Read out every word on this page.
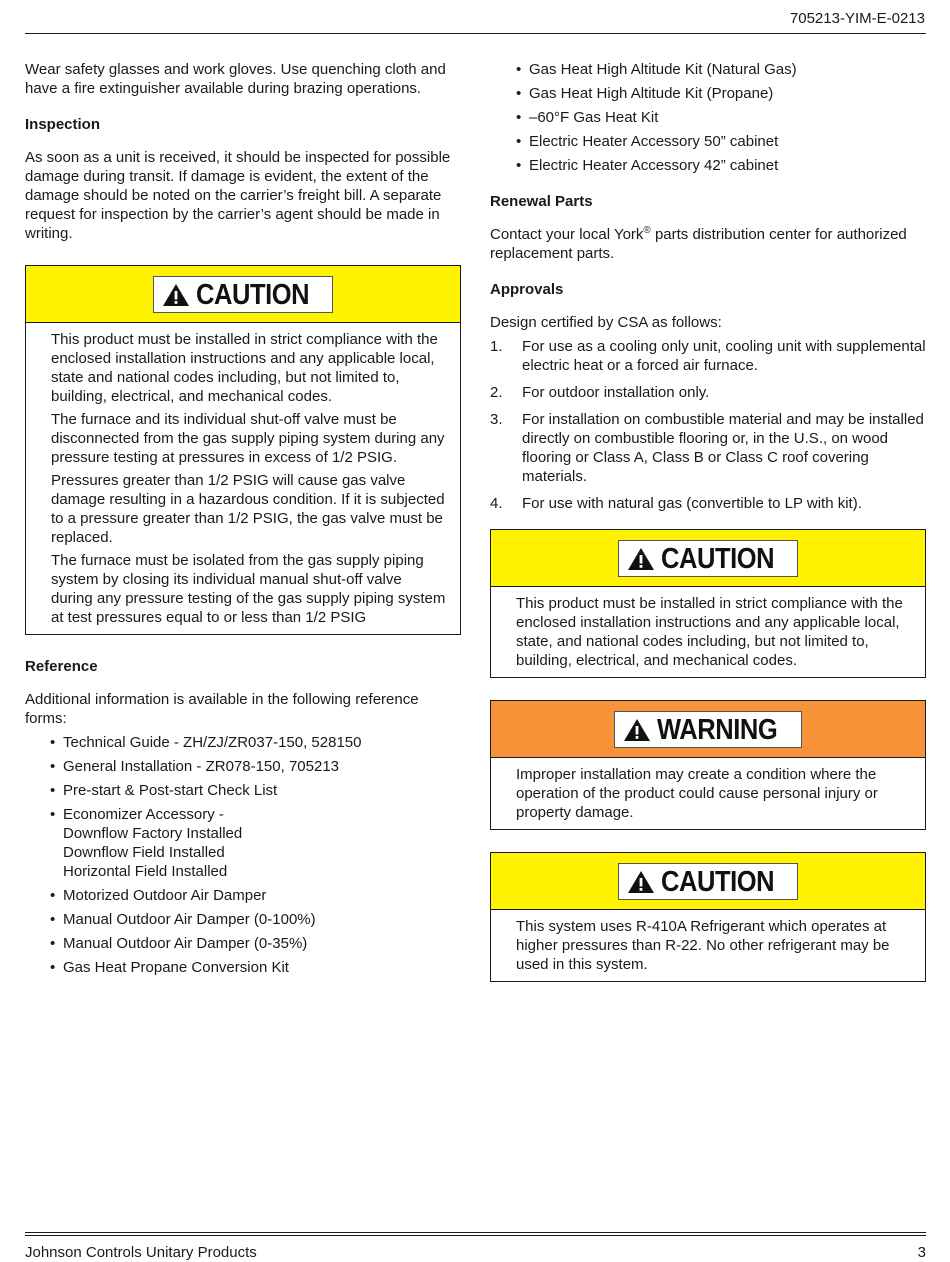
705213-YIM-E-0213

Wear safety glasses and work gloves. Use quenching cloth and have a fire extinguisher available during brazing operations.

Inspection

As soon as a unit is received, it should be inspected for possible damage during transit. If damage is evident, the extent of the damage should be noted on the carrier’s freight bill. A separate request for inspection by the carrier’s agent should be made in writing.

CAUTION

This product must be installed in strict compliance with the enclosed installation instructions and any applicable local, state and national codes including, but not limited to, building, electrical, and mechanical codes.

The furnace and its individual shut-off valve must be disconnected from the gas supply piping system during any pressure testing at pressures in excess of 1/2 PSIG.

Pressures greater than 1/2 PSIG will cause gas valve damage resulting in a hazardous condition. If it is subjected to a pressure greater than 1/2 PSIG, the gas valve must be replaced.

The furnace must be isolated from the gas supply piping system by closing its individual manual shut-off valve during any pressure testing of the gas supply piping system at test pressures equal to or less than 1/2 PSIG

Reference

Additional information is available in the following reference forms:

• Technical Guide - ZH/ZJ/ZR037-150, 528150
• General Installation - ZR078-150, 705213
• Pre-start & Post-start Check List
• Economizer Accessory -
Downflow Factory Installed
Downflow Field Installed
Horizontal Field Installed
• Motorized Outdoor Air Damper
• Manual Outdoor Air Damper (0-100%)
• Manual Outdoor Air Damper (0-35%)
• Gas Heat Propane Conversion Kit
• Gas Heat High Altitude Kit (Natural Gas)
• Gas Heat High Altitude Kit (Propane)
• –60°F Gas Heat Kit
• Electric Heater Accessory 50” cabinet
• Electric Heater Accessory 42” cabinet
Renewal Parts

Contact your local York® parts distribution center for authorized replacement parts.

Approvals

Design certified by CSA as follows:

1. For use as a cooling only unit, cooling unit with supplemental electric heat or a forced air furnace.
2. For outdoor installation only.
3. For installation on combustible material and may be installed directly on combustible flooring or, in the U.S., on wood flooring or Class A, Class B or Class C roof covering materials.
4. For use with natural gas (convertible to LP with kit).
CAUTION

This product must be installed in strict compliance with the enclosed installation instructions and any applicable local, state, and national codes including, but not limited to, building, electrical, and mechanical codes.

WARNING

Improper installation may create a condition where the operation of the product could cause personal injury or property damage.

CAUTION

This system uses R-410A Refrigerant which operates at higher pressures than R-22. No other refrigerant may be used in this system.

Johnson Controls Unitary Products	3
